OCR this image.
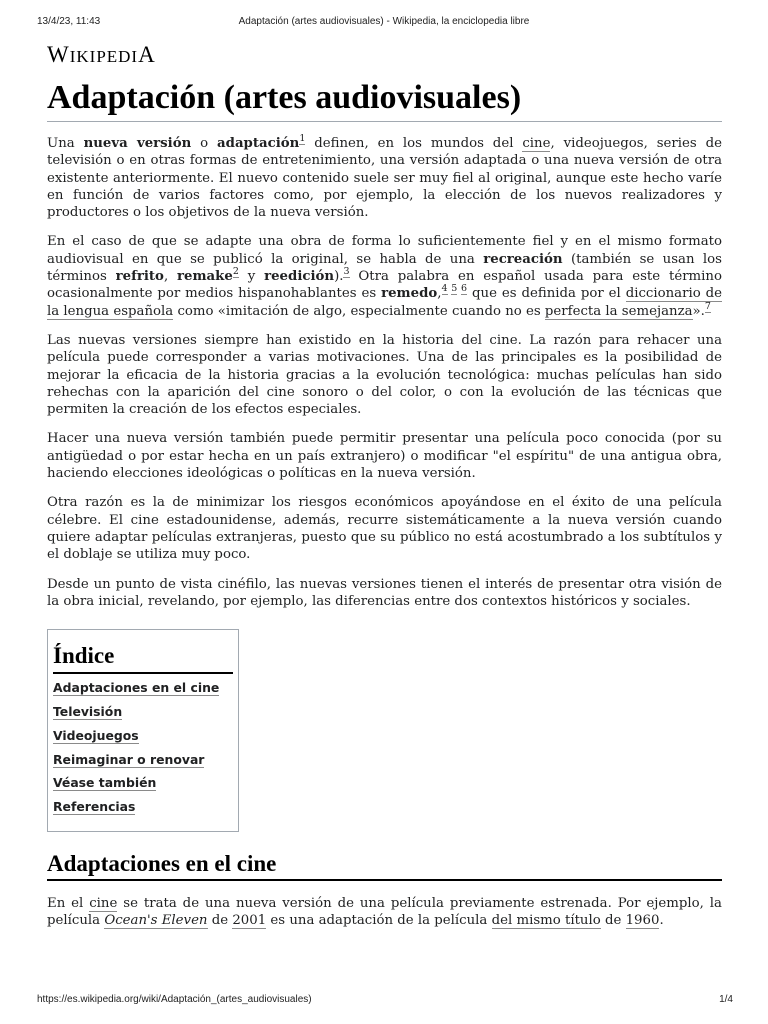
13/4/23, 11:43	Adaptación (artes audiovisuales) - Wikipedia, la enciclopedia libre
WIKIPEDIA
Adaptación (artes audiovisuales)

Una nueva versión o adaptación$^1$ definen, en los mundos del cine, videojuegos, series de televisión o en otras formas de entretenimiento, una versión adaptada o una nueva versión de otra existente anteriormente. El nuevo contenido suele ser muy fiel al original, aunque este hecho varíe en función de varios factores como, por ejemplo, la elección de los nuevos realizadores y productores o los objetivos de la nueva versión.

En el caso de que se adapte una obra de forma lo suficientemente fiel y en el mismo formato audiovisual en que se publicó la original, se habla de una recreación (también se usan los términos refrito, remake$^2$ y reedición).$^3$ Otra palabra en español usada para este término ocasionalmente por medios hispanohablantes es remedo,$^{4 5 6}$ que es definida por el diccionario de la lengua española como «imitación de algo, especialmente cuando no es perfecta la semejanza».$^7$

Las nuevas versiones siempre han existido en la historia del cine. La razón para rehacer una película puede corresponder a varias motivaciones. Una de las principales es la posibilidad de mejorar la eficacia de la historia gracias a la evolución tecnológica: muchas películas han sido rehechas con la aparición del cine sonoro o del color, o con la evolución de las técnicas que permiten la creación de los efectos especiales.

Hacer una nueva versión también puede permitir presentar una película poco conocida (por su antigüedad o por estar hecha en un país extranjero) o modificar "el espíritu" de una antigua obra, haciendo elecciones ideológicas o políticas en la nueva versión.

Otra razón es la de minimizar los riesgos económicos apoyándose en el éxito de una película célebre. El cine estadounidense, además, recurre sistemáticamente a la nueva versión cuando quiere adaptar películas extranjeras, puesto que su público no está acostumbrado a los subtítulos y el doblaje se utiliza muy poco.

Desde un punto de vista cinéfilo, las nuevas versiones tienen el interés de presentar otra visión de la obra inicial, revelando, por ejemplo, las diferencias entre dos contextos históricos y sociales.

Índice
Adaptaciones en el cine
Televisión
Videojuegos
Reimaginar o renovar
Véase también
Referencias
Adaptaciones en el cine

En el cine se trata de una nueva versión de una película previamente estrenada. Por ejemplo, la película Ocean's Eleven de 2001 es una adaptación de la película del mismo título de 1960.

https://es.wikipedia.org/wiki/Adaptación_(artes_audiovisuales)	1/4
